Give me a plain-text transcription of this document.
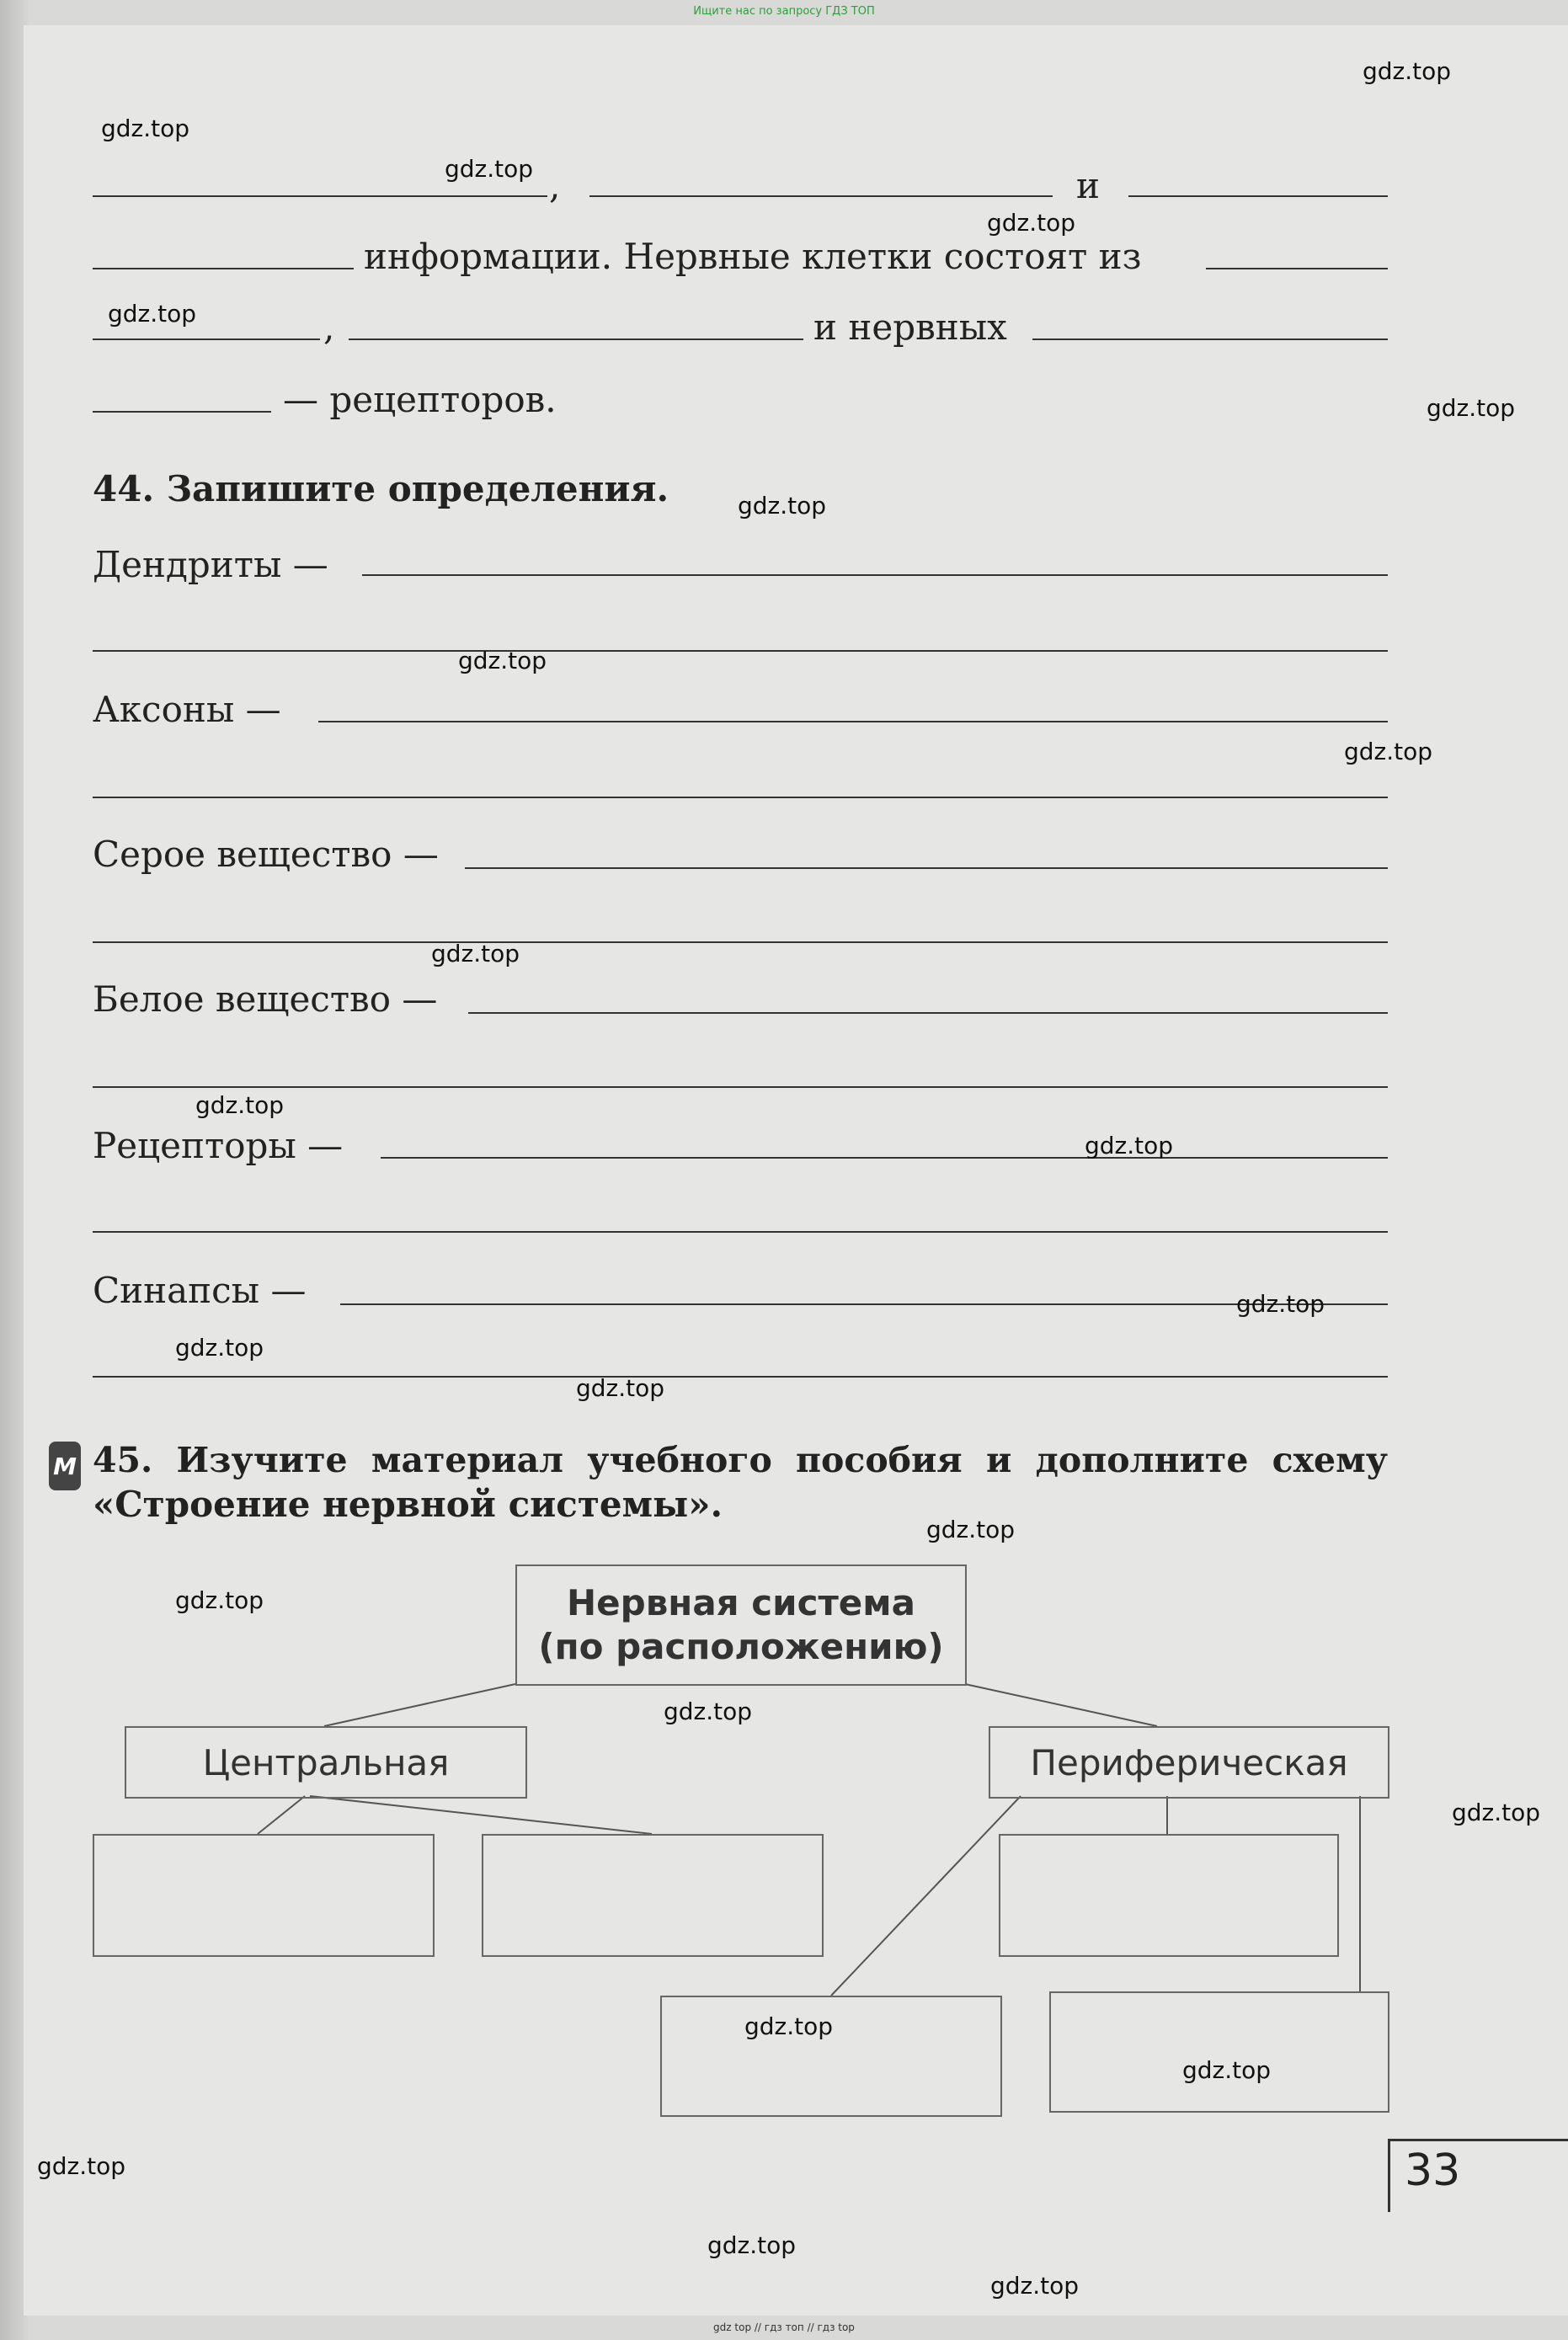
Ищите нас по запросу ГДЗ ТОП
,	и
информации. Нервные клетки состоят из
,	и нервных
— рецепторов.
44. Запишите определения.
Дендриты —
Аксоны —
Серое вещество —
Белое вещество —
Рецепторы —
Синапсы —
М 45. Изучите материал учебного пособия и дополните схему
«Строение нервной системы».
Нервная система
(по расположению)
Центральная	Периферическая
33
gdz.top
gdz.top
gdz.top
gdz.top
gdz.top
gdz.top
gdz.top
gdz.top
gdz.top
gdz.top
gdz.top
gdz.top
gdz.top
gdz.top
gdz.top
gdz.top
gdz.top
gdz.top
gdz.top
gdz.top
gdz.top
gdz.top
gdz.top
gdz.top
gdz top // гдз топ // гдз top
